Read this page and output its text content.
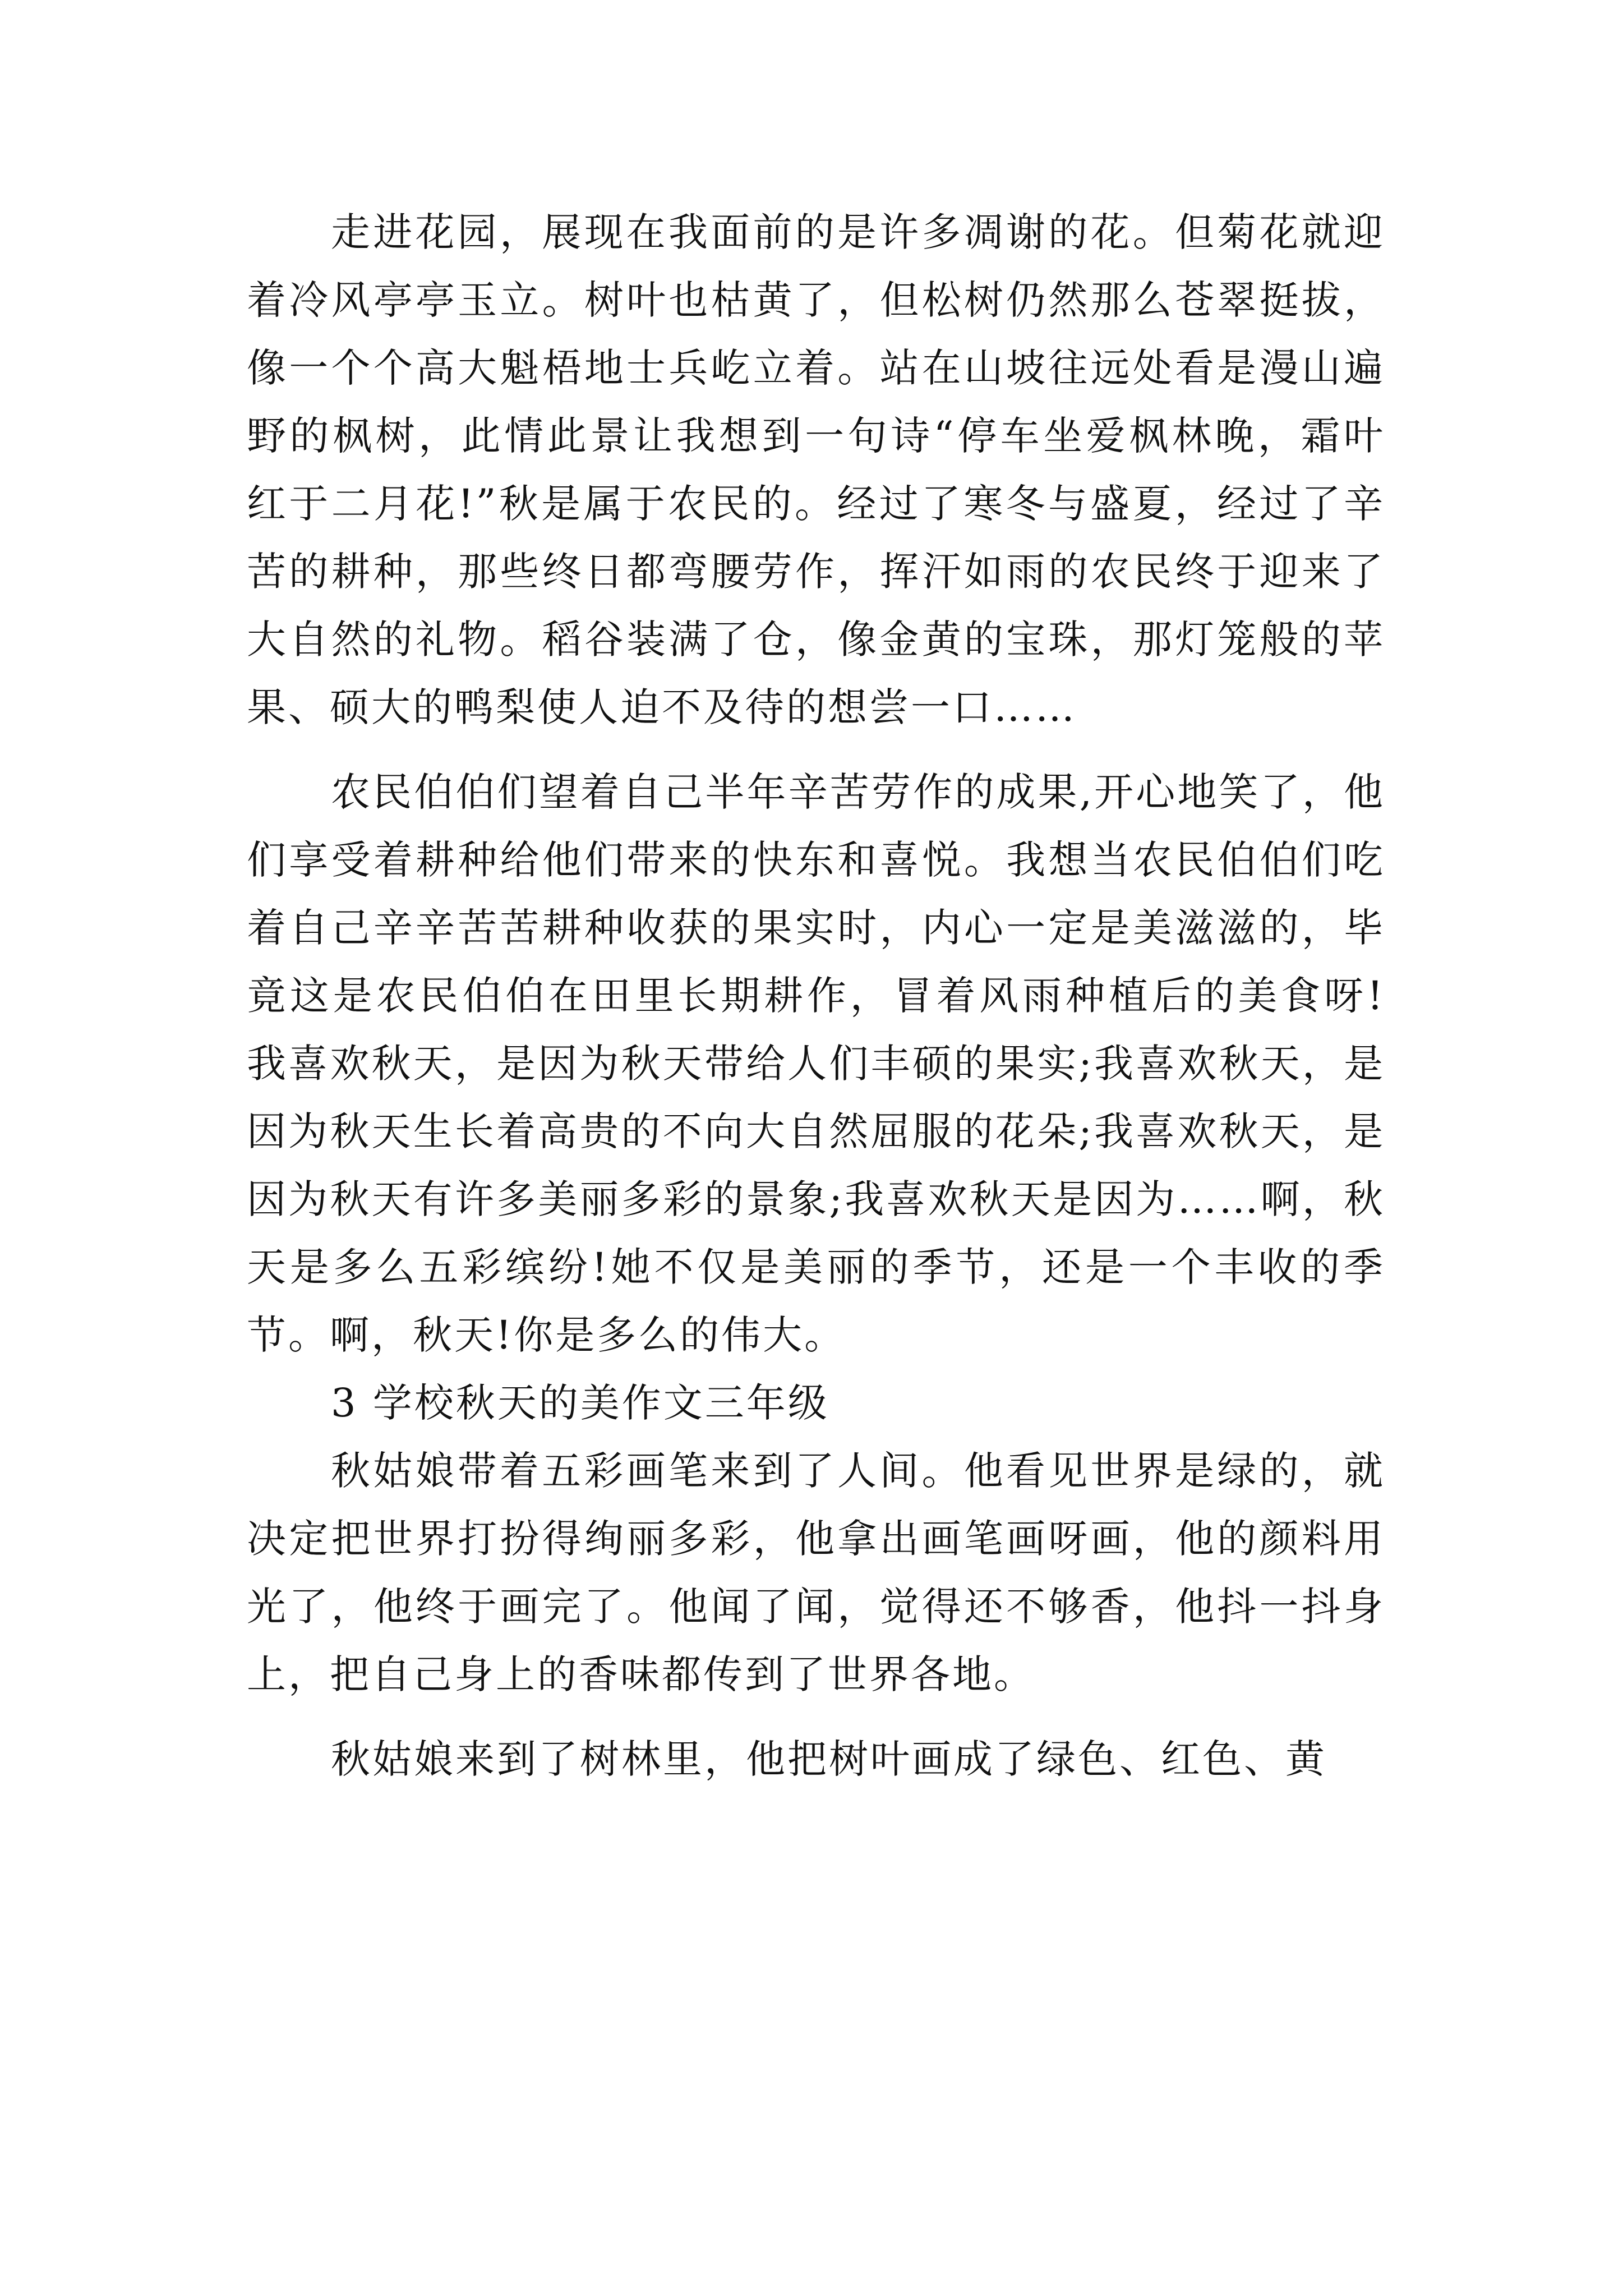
走进花园，展现在我面前的是许多凋谢的花。但菊花就迎着冷风亭亭玉立。树叶也枯黄了，但松树仍然那么苍翠挺拔，像一个个高大魁梧地士兵屹立着。站在山坡往远处看是漫山遍野的枫树，此情此景让我想到一句诗“停车坐爱枫林晚，霜叶红于二月花!”秋是属于农民的。经过了寒冬与盛夏，经过了辛苦的耕种，那些终日都弯腰劳作，挥汗如雨的农民终于迎来了大自然的礼物。稻谷装满了仓，像金黄的宝珠，那灯笼般的苹果、硕大的鸭梨使人迫不及待的想尝一口……

农民伯伯们望着自己半年辛苦劳作的成果,开心地笑了，他们享受着耕种给他们带来的快东和喜悦。我想当农民伯伯们吃着自己辛辛苦苦耕种收获的果实时，内心一定是美滋滋的，毕竟这是农民伯伯在田里长期耕作，冒着风雨种植后的美食呀!我喜欢秋天，是因为秋天带给人们丰硕的果实;我喜欢秋天，是因为秋天生长着高贵的不向大自然屈服的花朵;我喜欢秋天，是因为秋天有许多美丽多彩的景象;我喜欢秋天是因为……啊，秋天是多么五彩缤纷!她不仅是美丽的季节，还是一个丰收的季节。啊，秋天!你是多么的伟大。

3 学校秋天的美作文三年级

秋姑娘带着五彩画笔来到了人间。他看见世界是绿的，就决定把世界打扮得绚丽多彩，他拿出画笔画呀画，他的颜料用光了，他终于画完了。他闻了闻，觉得还不够香，他抖一抖身上，把自己身上的香味都传到了世界各地。

秋姑娘来到了树林里，他把树叶画成了绿色、红色、黄
